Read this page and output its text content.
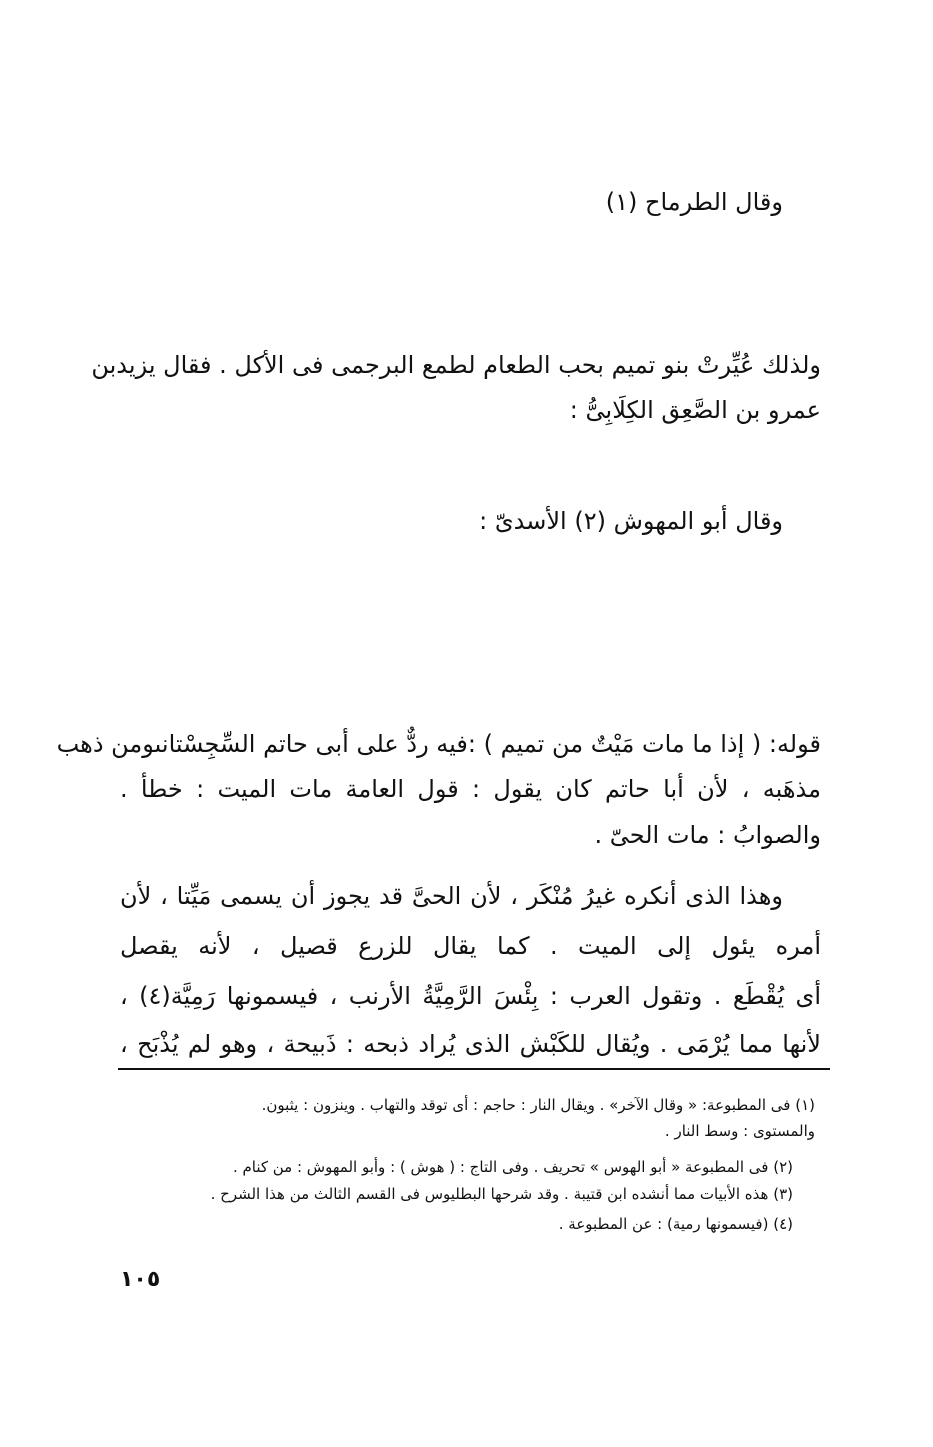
وقال الطرماح (١)
ولذلك عُيِّرتْ بنو تميم بحب الطعام لطمع البرجمى فى الأكل . فقال يزيدبن
عمرو بن الصَّعِق الكِلَابِىُّ :
وقال أبو المهوش (٢) الأسدىّ :
قوله: ( إذا ما مات مَيْتٌ من تميم ) :فيه ردٌّ على أبى حاتم السِّجِسْتانىومن ذهب
مذهَبه ، لأن أبا حاتم كان يقول : قول العامة مات الميت : خطأ .
والصوابُ : مات الحىّ .
وهذا الذى أنكره غيرُ مُنْكَر ، لأن الحىَّ قد يجوز أن يسمى مَيِّتا ، لأن
أمره يئول إلى الميت . كما يقال للزرع قصيل ، لأنه يقصل
أى يُقْطَع . وتقول العرب : بِئْسَ الرَّمِيَّةُ الأرنب ، فيسمونها رَمِيَّة(٤) ،
لأنها مما يُرْمَى . ويُقال للكَبْش الذى يُراد ذبحه : ذَبيحة ، وهو لم يُذْبَح ،
(١) فى المطبوعة: « وقال الآخر» . ويقال النار : حاجم : أى توقد والتهاب . وينزون : يثبون.
والمستوى : وسط النار .
(٢) فى المطبوعة « أبو الهوس » تحريف . وفى التاج : ( هوش ) : وأبو المهوش : من كنام .
(٣) هذه الأبيات مما أنشده ابن قتيبة . وقد شرحها البطليوس فى القسم الثالث من هذا الشرح .
(٤) (فيسمونها رمية) : عن المطبوعة .
١٠٥
